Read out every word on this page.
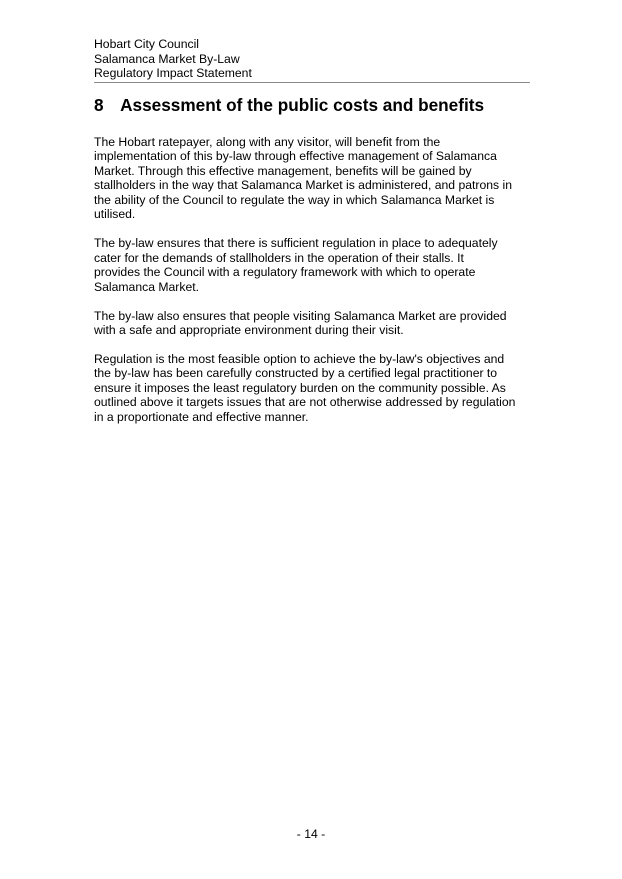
Hobart City Council
Salamanca Market By-Law
Regulatory Impact Statement
8 Assessment of the public costs and benefits

The Hobart ratepayer, along with any visitor, will benefit from the
implementation of this by-law through effective management of Salamanca
Market. Through this effective management, benefits will be gained by
stallholders in the way that Salamanca Market is administered, and patrons in
the ability of the Council to regulate the way in which Salamanca Market is
utilised.

The by-law ensures that there is sufficient regulation in place to adequately
cater for the demands of stallholders in the operation of their stalls. It
provides the Council with a regulatory framework with which to operate
Salamanca Market.

The by-law also ensures that people visiting Salamanca Market are provided
with a safe and appropriate environment during their visit.

Regulation is the most feasible option to achieve the by-law's objectives and
the by-law has been carefully constructed by a certified legal practitioner to
ensure it imposes the least regulatory burden on the community possible. As
outlined above it targets issues that are not otherwise addressed by regulation
in a proportionate and effective manner.

- 14 -
